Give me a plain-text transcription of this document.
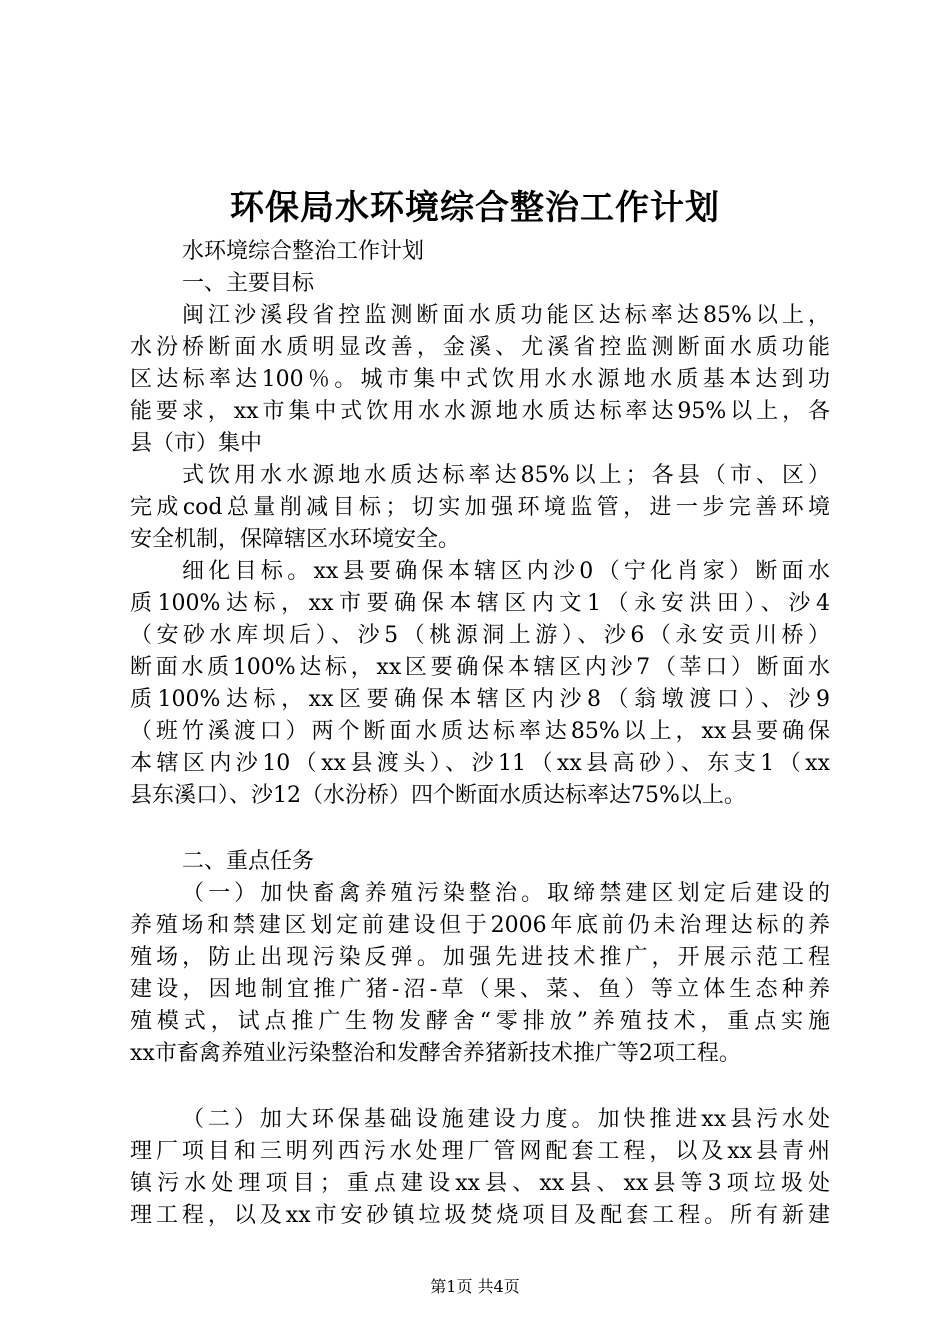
环保局水环境综合整治工作计划
水环境综合整治工作计划
一、主要目标
闽江沙溪段省控监测断面水质功能区达标率达85%以上，
水汾桥断面水质明显改善，金溪、尤溪省控监测断面水质功能
区达标率达100％。城市集中式饮用水水源地水质基本达到功
能要求，xx市集中式饮用水水源地水质达标率达95%以上，各
县（市）集中
式饮用水水源地水质达标率达85%以上；各县（市、区）
完成cod总量削减目标；切实加强环境监管，进一步完善环境
安全机制，保障辖区水环境安全。
细化目标。xx县要确保本辖区内沙0（宁化肖家）断面水
质100%达标，xx市要确保本辖区内文1（永安洪田）、沙4
（安砂水库坝后）、沙5（桃源洞上游）、沙6（永安贡川桥）
断面水质100%达标，xx区要确保本辖区内沙7（莘口）断面水
质100%达标，xx区要确保本辖区内沙8（翁墩渡口）、沙9
（班竹溪渡口）两个断面水质达标率达85%以上，xx县要确保
本辖区内沙10（xx县渡头）、沙11（xx县高砂）、东支1（xx
县东溪口）、沙12（水汾桥）四个断面水质达标率达75%以上。
二、重点任务
（一）加快畜禽养殖污染整治。取缔禁建区划定后建设的
养殖场和禁建区划定前建设但于2006年底前仍未治理达标的养
殖场，防止出现污染反弹。加强先进技术推广，开展示范工程
建设，因地制宜推广猪-沼-草（果、菜、鱼）等立体生态种养
殖模式，试点推广生物发酵舍“零排放”养殖技术，重点实施
xx市畜禽养殖业污染整治和发酵舍养猪新技术推广等2项工程。
（二）加大环保基础设施建设力度。加快推进xx县污水处
理厂项目和三明列西污水处理厂管网配套工程，以及xx县青州
镇污水处理项目；重点建设xx县、xx县、xx县等3项垃圾处
理工程，以及xx市安砂镇垃圾焚烧项目及配套工程。所有新建
第1页 共4页
